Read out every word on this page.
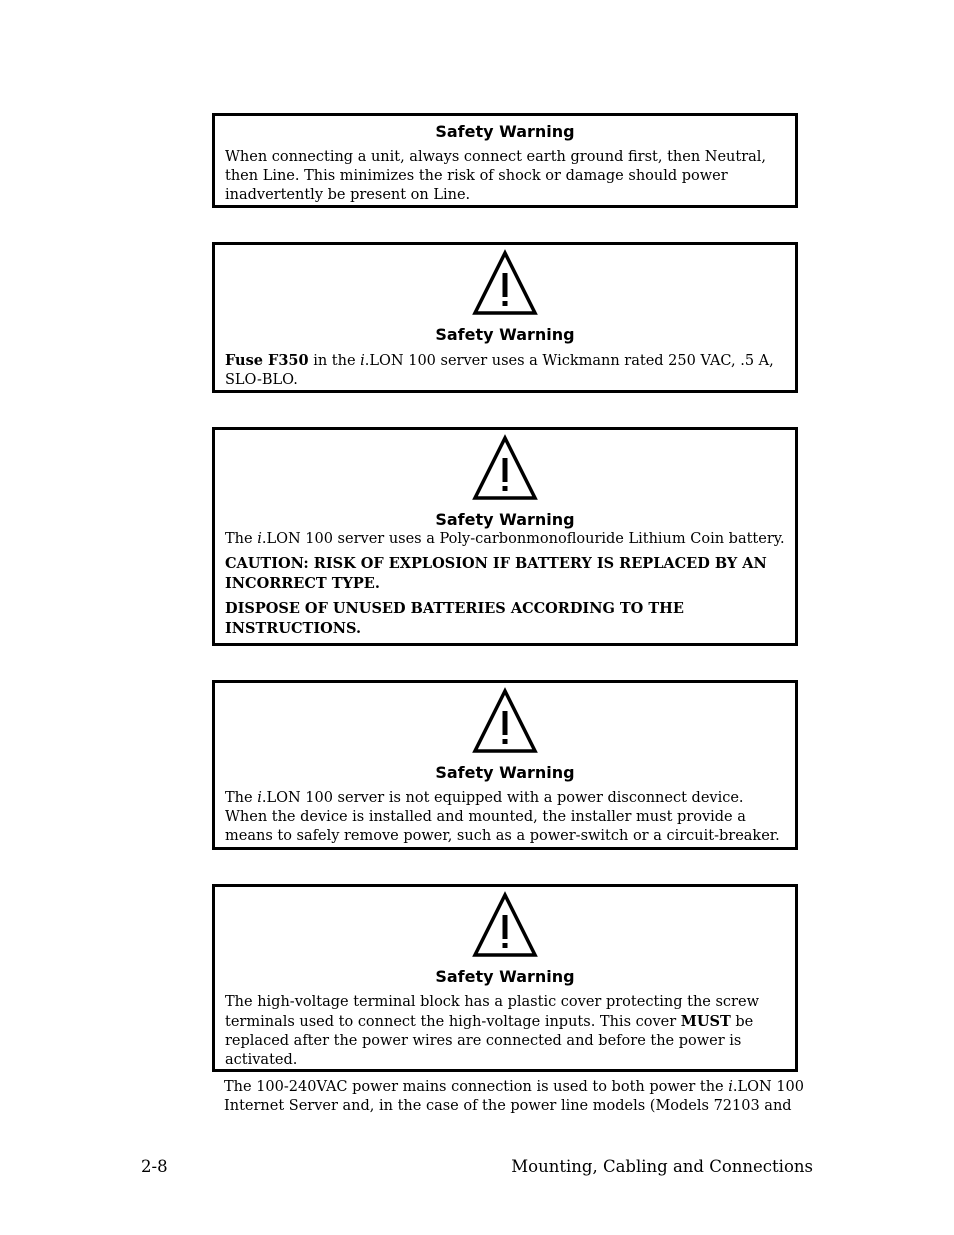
Safety Warning

When connecting a unit, always connect earth ground first, then Neutral, then Line. This minimizes the risk of shock or damage should power inadvertently be present on Line.

Safety Warning

Fuse F350 in the i.LON 100 server uses a Wickmann rated 250 VAC, .5 A, SLO-BLO.

Safety Warning

The i.LON 100 server uses a Poly-carbonmonoflouride Lithium Coin battery.

CAUTION: RISK OF EXPLOSION IF BATTERY IS REPLACED BY AN INCORRECT TYPE.

DISPOSE OF UNUSED BATTERIES ACCORDING TO THE INSTRUCTIONS.

Safety Warning

The i.LON 100 server is not equipped with a power disconnect device. When the device is installed and mounted, the installer must provide a means to safely remove power, such as a power-switch or a circuit-breaker.

Safety Warning

The high-voltage terminal block has a plastic cover protecting the screw terminals used to connect the high-voltage inputs. This cover MUST be replaced after the power wires are connected and before the power is activated.

The 100-240VAC power mains connection is used to both power the i.LON 100 Internet Server and, in the case of the power line models (Models 72103 and

2-8	Mounting, Cabling and Connections
